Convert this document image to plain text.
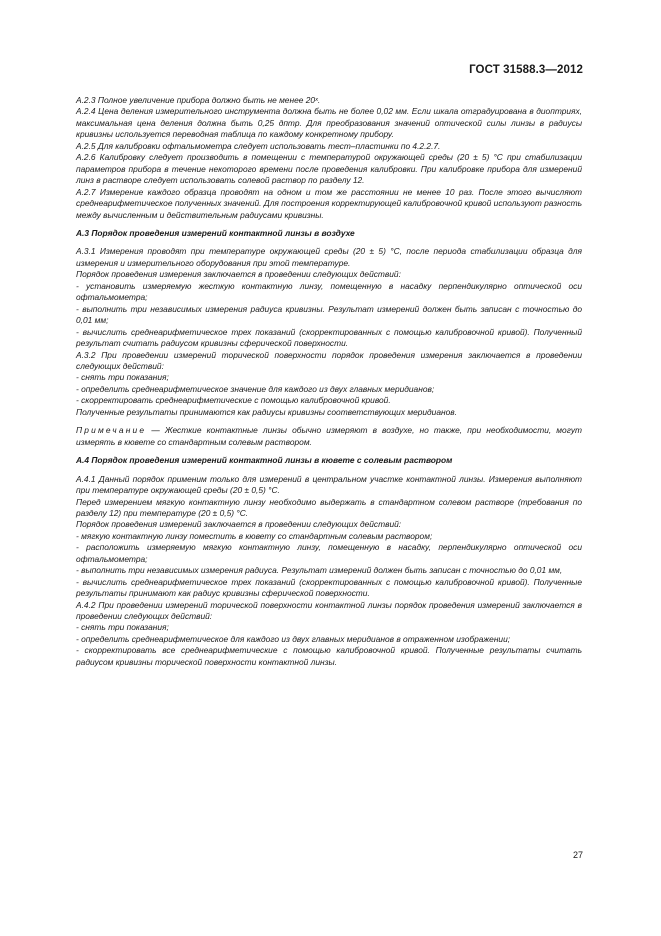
ГОСТ 31588.3—2012

А.2.3 Полное увеличение прибора должно быть не менее 20ˣ.

А.2.4 Цена деления измерительного инструмента должна быть не более 0,02 мм. Если шкала отградуирована в диоптриях, максимальная цена деления должна быть 0,25 дптр. Для преобразования значений оптической силы линзы в радиусы кривизны используется переводная таблица по каждому конкретному прибору.

А.2.5 Для калибровки офтальмометра следует использовать тест–пластинки по 4.2.2.7.

А.2.6 Калибровку следует производить в помещении с температурой окружающей среды (20 ± 5) °С при стабилизации параметров прибора в течение некоторого времени после проведения калибровки. При калибровке прибора для измерений линз в растворе следует использовать солевой раствор по разделу 12.

А.2.7 Измерение каждого образца проводят на одном и том же расстоянии не менее 10 раз. После этого вычисляют среднеарифметическое полученных значений. Для построения корректирующей калибровочной кривой используют разность между вычисленным и действительным радиусами кривизны.

А.3 Порядок проведения измерений контактной линзы в воздухе

А.3.1 Измерения проводят при температуре окружающей среды (20 ± 5) °С, после периода стабилизации образца для измерения и измерительного оборудования при этой температуре.

Порядок проведения измерения заключается в проведении следующих действий:

- установить измеряемую жесткую контактную линзу, помещенную в насадку перпендикулярно оптической оси офтальмометра;

- выполнить три независимых измерения радиуса кривизны. Результат измерений должен быть записан с точностью до 0,01 мм;

- вычислить среднеарифметическое трех показаний (скорректированных с помощью калибровочной кривой). Полученный результат считать радиусом кривизны сферической поверхности.

А.3.2 При проведении измерений торической поверхности порядок проведения измерения заключается в проведении следующих действий:

- снять три показания;

- определить среднеарифметическое значение для каждого из двух главных меридианов;

- скорректировать среднеарифметические с помощью калибровочной кривой.

Полученные результаты принимаются как радиусы кривизны соответствующих меридианов.

Примечание — Жесткие контактные линзы обычно измеряют в воздухе, но также, при необходимости, могут измерять в кювете со стандартным солевым раствором.

А.4 Порядок проведения измерений контактной линзы в кювете с солевым раствором

А.4.1 Данный порядок применим только для измерений в центральном участке контактной линзы. Измерения выполняют при температуре окружающей среды (20 ± 0,5) °С.

Перед измерением мягкую контактную линзу необходимо выдержать в стандартном солевом растворе (требования по разделу 12) при температуре (20 ± 0,5) °С.

Порядок проведения измерений заключается в проведении следующих действий:

- мягкую контактную линзу поместить в кювету со стандартным солевым раствором;

- расположить измеряемую мягкую контактную линзу, помещенную в насадку, перпендикулярно оптической оси офтальмометра;

- выполнить три независимых измерения радиуса. Результат измерений должен быть записан с точностью до 0,01 мм,

- вычислить среднеарифметическое трех показаний (скорректированных с помощью калибровочной кривой). Полученные результаты принимают как радиус кривизны сферической поверхности.

А.4.2 При проведении измерений торической поверхности контактной линзы порядок проведения измерений заключается в проведении следующих действий:

- снять три показания;

- определить среднеарифметическое для каждого из двух главных меридианов в отраженном изображении;

- скорректировать все среднеарифметические с помощью калибровочной кривой. Полученные результаты считать радиусом кривизны торической поверхности контактной линзы.

27
